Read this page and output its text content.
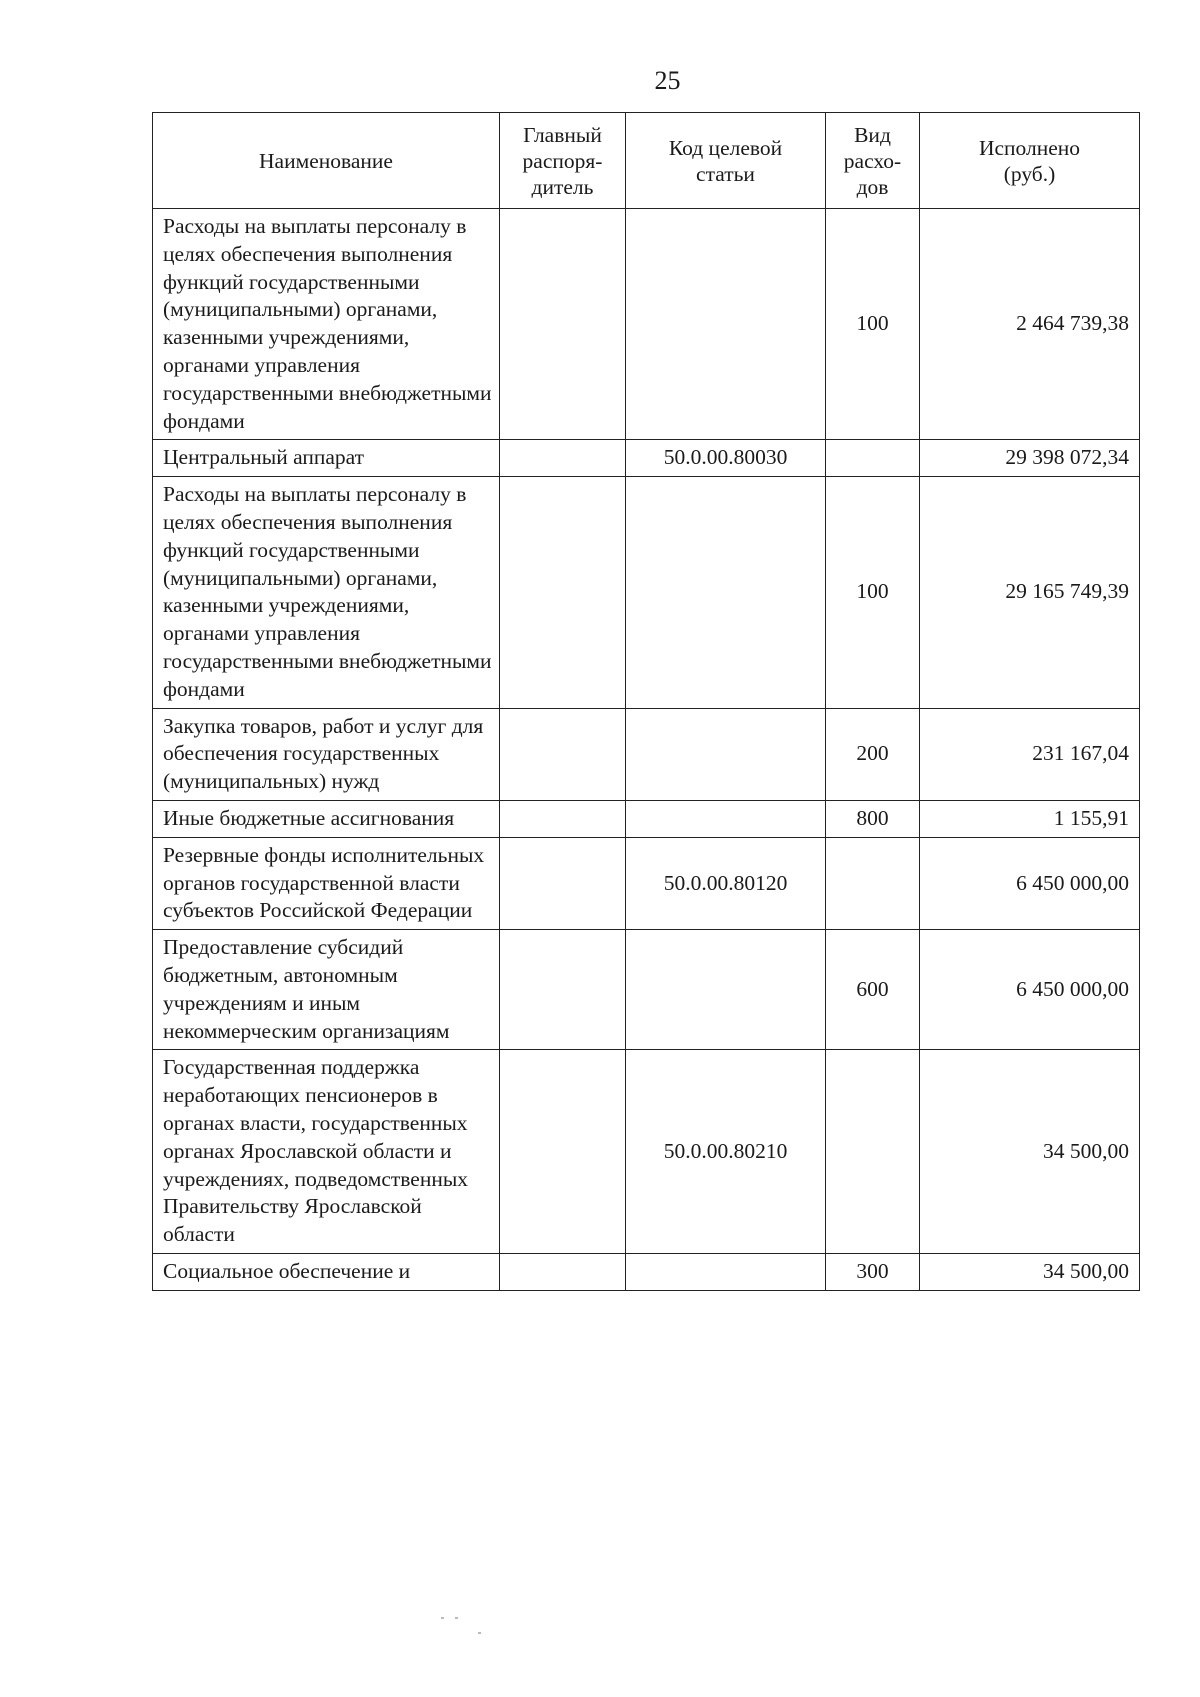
25
Наименование	Главный распоря-дитель	Код целевой статьи	Вид расхо-дов	Исполнено (руб.)
Расходы на выплаты персоналу в целях обеспечения выполнения функций государственными (муниципальными) органами, казенными учреждениями, органами управления государственными внебюджетными фондами			100	2 464 739,38
Центральный аппарат		50.0.00.80030		29 398 072,34
Расходы на выплаты персоналу в целях обеспечения выполнения функций государственными (муниципальными) органами, казенными учреждениями, органами управления государственными внебюджетными фондами			100	29 165 749,39
Закупка товаров, работ и услуг для обеспечения государственных (муниципальных) нужд			200	231 167,04
Иные бюджетные ассигнования			800	1 155,91
Резервные фонды исполнительных органов государственной власти субъектов Российской Федерации		50.0.00.80120		6 450 000,00
Предоставление субсидий бюджетным, автономным учреждениям и иным некоммерческим организациям			600	6 450 000,00
Государственная поддержка неработающих пенсионеров в органах власти, государственных органах Ярославской области и учреждениях, подведомственных Правительству Ярославской области		50.0.00.80210		34 500,00
Социальное обеспечение и			300	34 500,00
